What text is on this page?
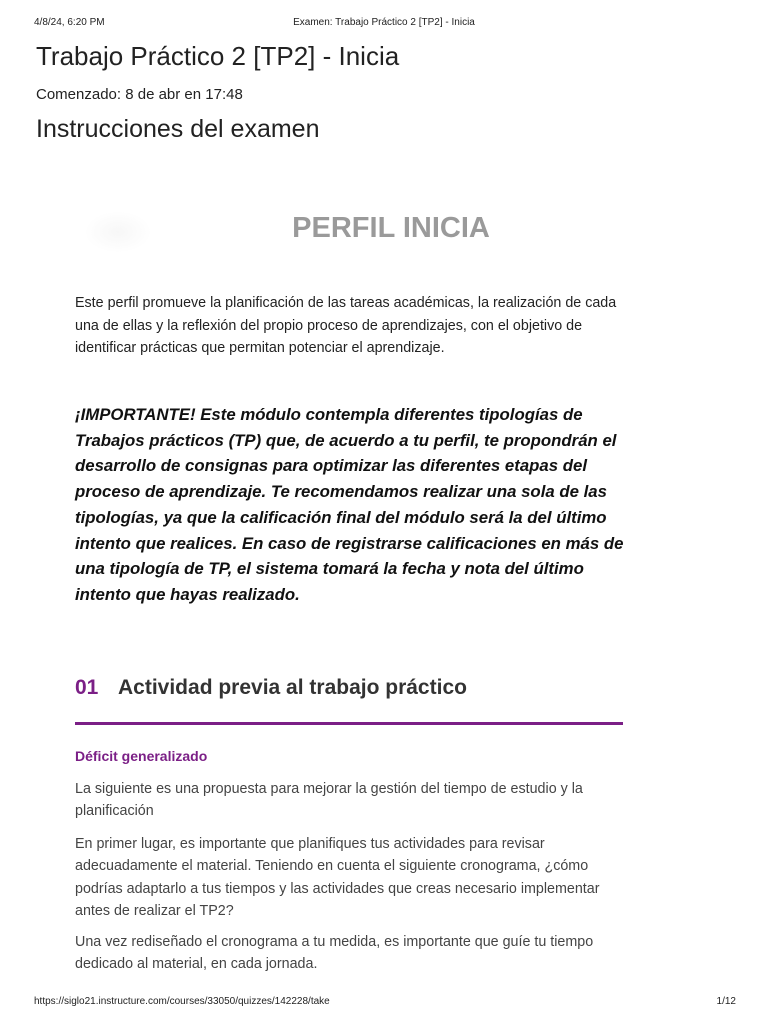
4/8/24, 6:20 PM	Examen: Trabajo Práctico 2 [TP2] - Inicia
Trabajo Práctico 2 [TP2] - Inicia
Comenzado: 8 de abr en 17:48
Instrucciones del examen
PERFIL INICIA

Este perfil promueve la planificación de las tareas académicas, la realización de cada una de ellas y la reflexión del propio proceso de aprendizajes, con el objetivo de identificar prácticas que permitan potenciar el aprendizaje.

¡IMPORTANTE! Este módulo contempla diferentes tipologías de Trabajos prácticos (TP) que, de acuerdo a tu perfil, te propondrán el desarrollo de consignas para optimizar las diferentes etapas del proceso de aprendizaje. Te recomendamos realizar una sola de las tipologías, ya que la calificación final del módulo será la del último intento que realices. En caso de registrarse calificaciones en más de una tipología de TP, el sistema tomará la fecha y nota del último intento que hayas realizado.

01 Actividad previa al trabajo práctico
Déficit generalizado

La siguiente es una propuesta para mejorar la gestión del tiempo de estudio y la planificación

En primer lugar, es importante que planifiques tus actividades para revisar adecuadamente el material. Teniendo en cuenta el siguiente cronograma, ¿cómo podrías adaptarlo a tus tiempos y las actividades que creas necesario implementar antes de realizar el TP2?

Una vez rediseñado el cronograma a tu medida, es importante que guíe tu tiempo dedicado al material, en cada jornada.

https://siglo21.instructure.com/courses/33050/quizzes/142228/take	1/12
